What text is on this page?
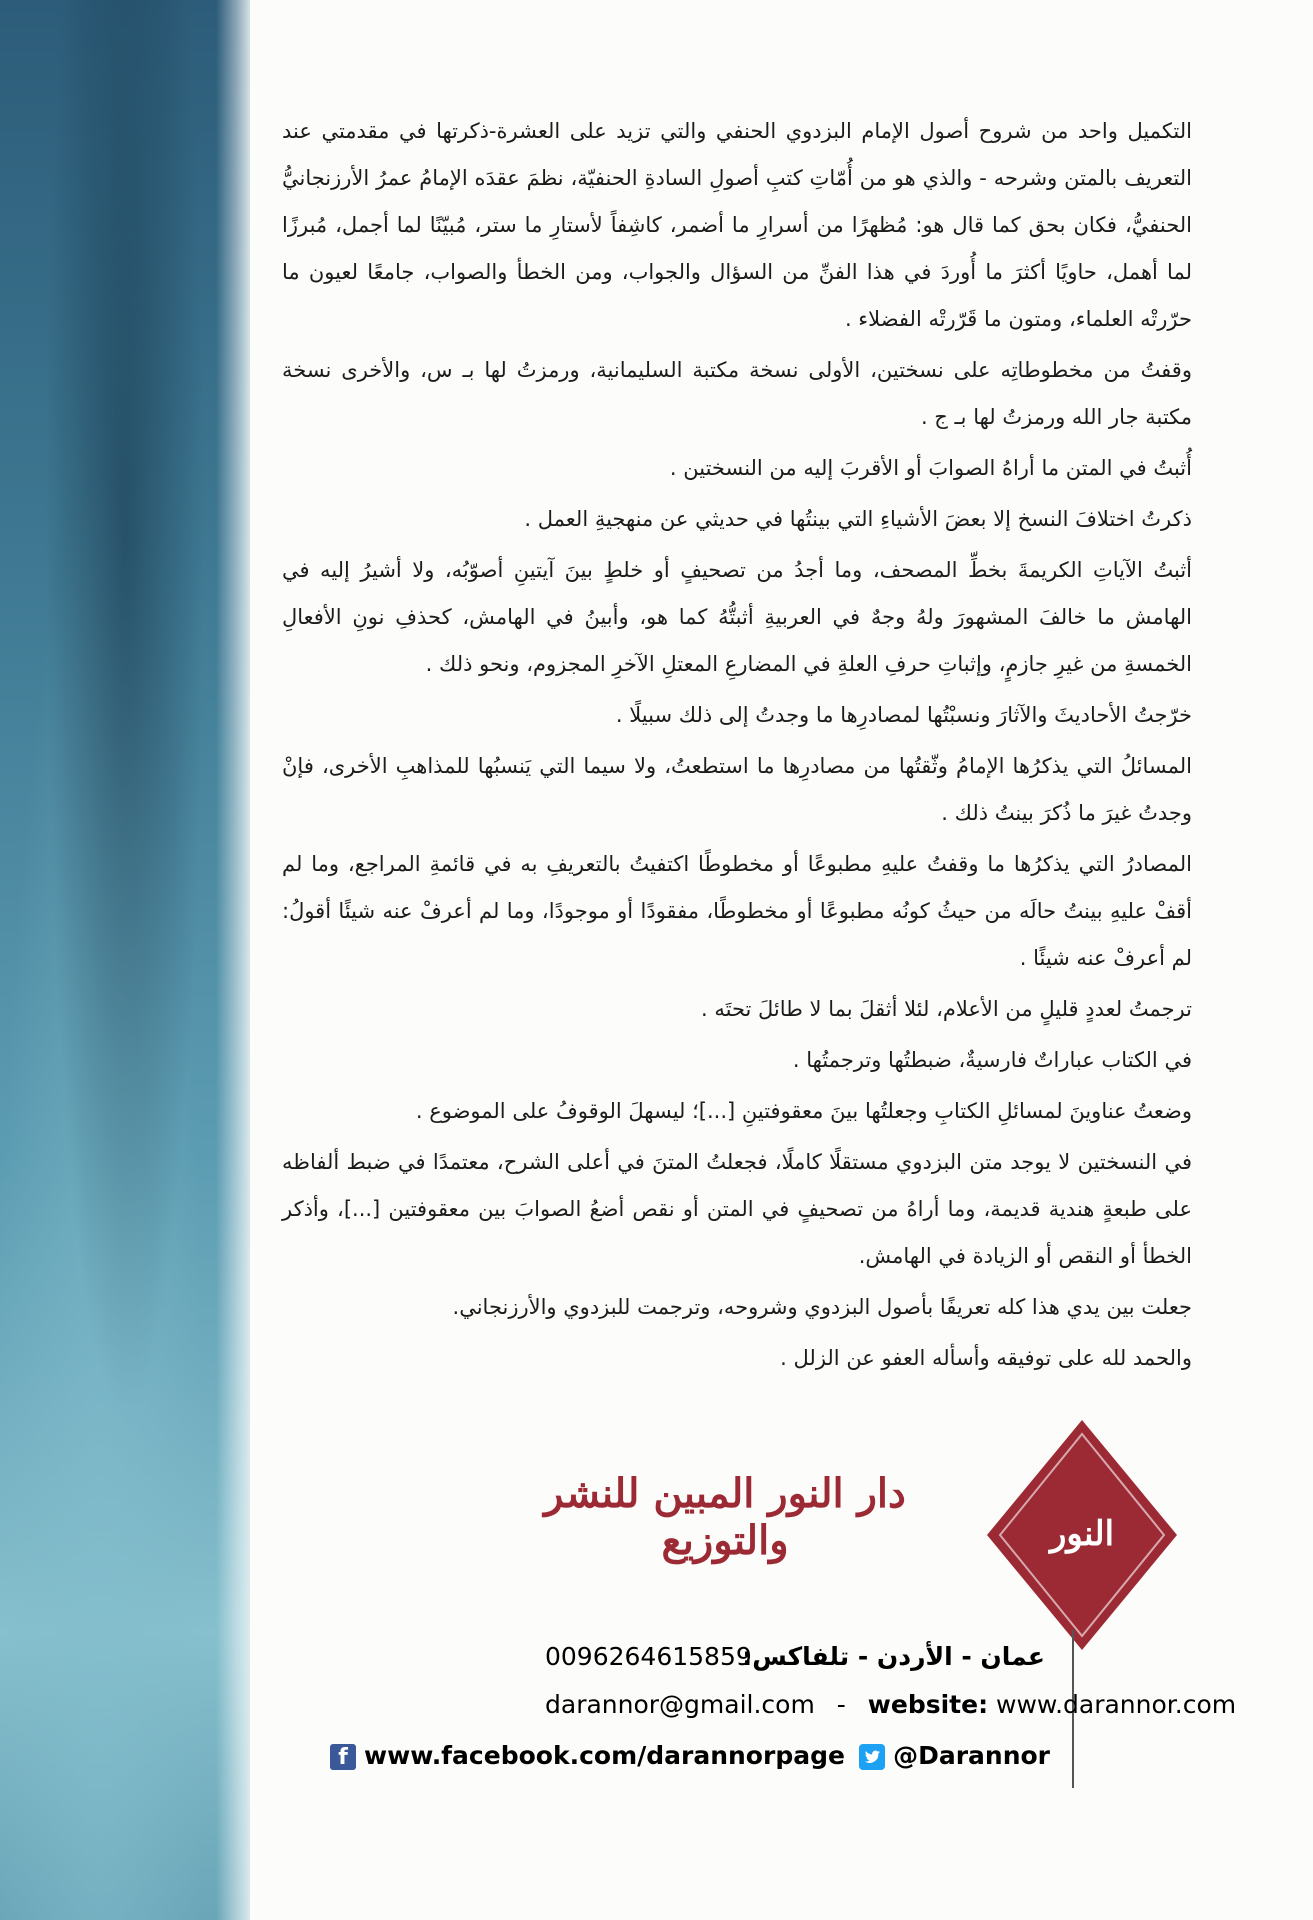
التكميل واحد من شروح أصول الإمام البزدوي الحنفي والتي تزيد على العشرة-ذكرتها في مقدمتي عند التعريف بالمتن وشرحه - والذي هو من أُمّاتِ كتبِ أصولِ السادةِ الحنفيّة، نظمَ عقدَه الإمامُ عمرُ الأرزنجانيُّ الحنفيُّ، فكان بحق كما قال هو: مُظهرًا من أسرارِ ما أضمر، كاشِفاً لأستارِ ما ستر، مُبيّنًا لما أجمل، مُبرزًا لما أهمل، حاويًا أكثرَ ما أُوردَ في هذا الفنِّ من السؤال والجواب، ومن الخطأ والصواب، جامعًا لعيون ما حرّرتْه العلماء، ومتون ما قَرّرتْه الفضلاء .

وقفتُ من مخطوطاتِه على نسختين، الأولى نسخة مكتبة السليمانية، ورمزتُ لها بـ س، والأخرى نسخة مكتبة جار الله ورمزتُ لها بـ ج .

أُثبتُ في المتن ما أراهُ الصوابَ أو الأقربَ إليه من النسختين .

ذكرتُ اختلافَ النسخ إلا بعضَ الأشياءِ التي بينتُها في حديثي عن منهجيةِ العمل .

أثبتُ الآياتِ الكريمةَ بخطِّ المصحف، وما أجدُ من تصحيفٍ أو خلطٍ بينَ آيتينِ أصوّبُه، ولا أشيرُ إليه في الهامش ما خالفَ المشهورَ ولهُ وجهٌ في العربيةِ أثبتُّهُ كما هو، وأبينُ في الهامش، كحذفِ نونِ الأفعالِ الخمسةِ من غيرِ جازمٍ، وإثباتِ حرفِ العلةِ في المضارعِ المعتلِ الآخرِ المجزوم، ونحو ذلك .

خرّجتُ الأحاديثَ والآثارَ ونسبْتُها لمصادرِها ما وجدتُ إلى ذلك سبيلًا .

المسائلُ التي يذكرُها الإمامُ وثّقتُها من مصادرِها ما استطعتُ، ولا سيما التي يَنسبُها للمذاهبِ الأخرى، فإنْ وجدتُ غيرَ ما ذُكرَ بينتُ ذلك .

المصادرُ التي يذكرُها ما وقفتُ عليهِ مطبوعًا أو مخطوطًا اكتفيتُ بالتعريفِ به في قائمةِ المراجع، وما لم أقفْ عليهِ بينتُ حالَه من حيثُ كونُه مطبوعًا أو مخطوطًا، مفقودًا أو موجودًا، وما لم أعرفْ عنه شيئًا أقولُ: لم أعرفْ عنه شيئًا .

ترجمتُ لعددٍ قليلٍ من الأعلام، لئلا أثقلَ بما لا طائلَ تحتَه .

في الكتاب عباراتٌ فارسيةٌ، ضبطتُها وترجمتُها .

وضعتُ عناوينَ لمسائلِ الكتابِ وجعلتُها بينَ معقوفتينِ [...]؛ ليسهلَ الوقوفُ على الموضوع .

في النسختين لا يوجد متن البزدوي مستقلًا كاملًا، فجعلتُ المتنَ في أعلى الشرح، معتمدًا في ضبط ألفاظه على طبعةٍ هندية قديمة، وما أراهُ من تصحيفٍ في المتن أو نقص أضعُ الصوابَ بين معقوفتين [...]، وأذكر الخطأ أو النقص أو الزيادة في الهامش.

جعلت بين يدي هذا كله تعريفًا بأصول البزدوي وشروحه، وترجمت للبزدوي والأرزنجاني.

والحمد لله على توفيقه وأسأله العفو عن الزلل .

دار النور المبين للنشر والتوزيع	النور
عمان - الأردن - تلفاكس:
0096264615859
darannor@gmail.com - website: www.darannor.com
f www.facebook.com/darannorpage	@Darannor
